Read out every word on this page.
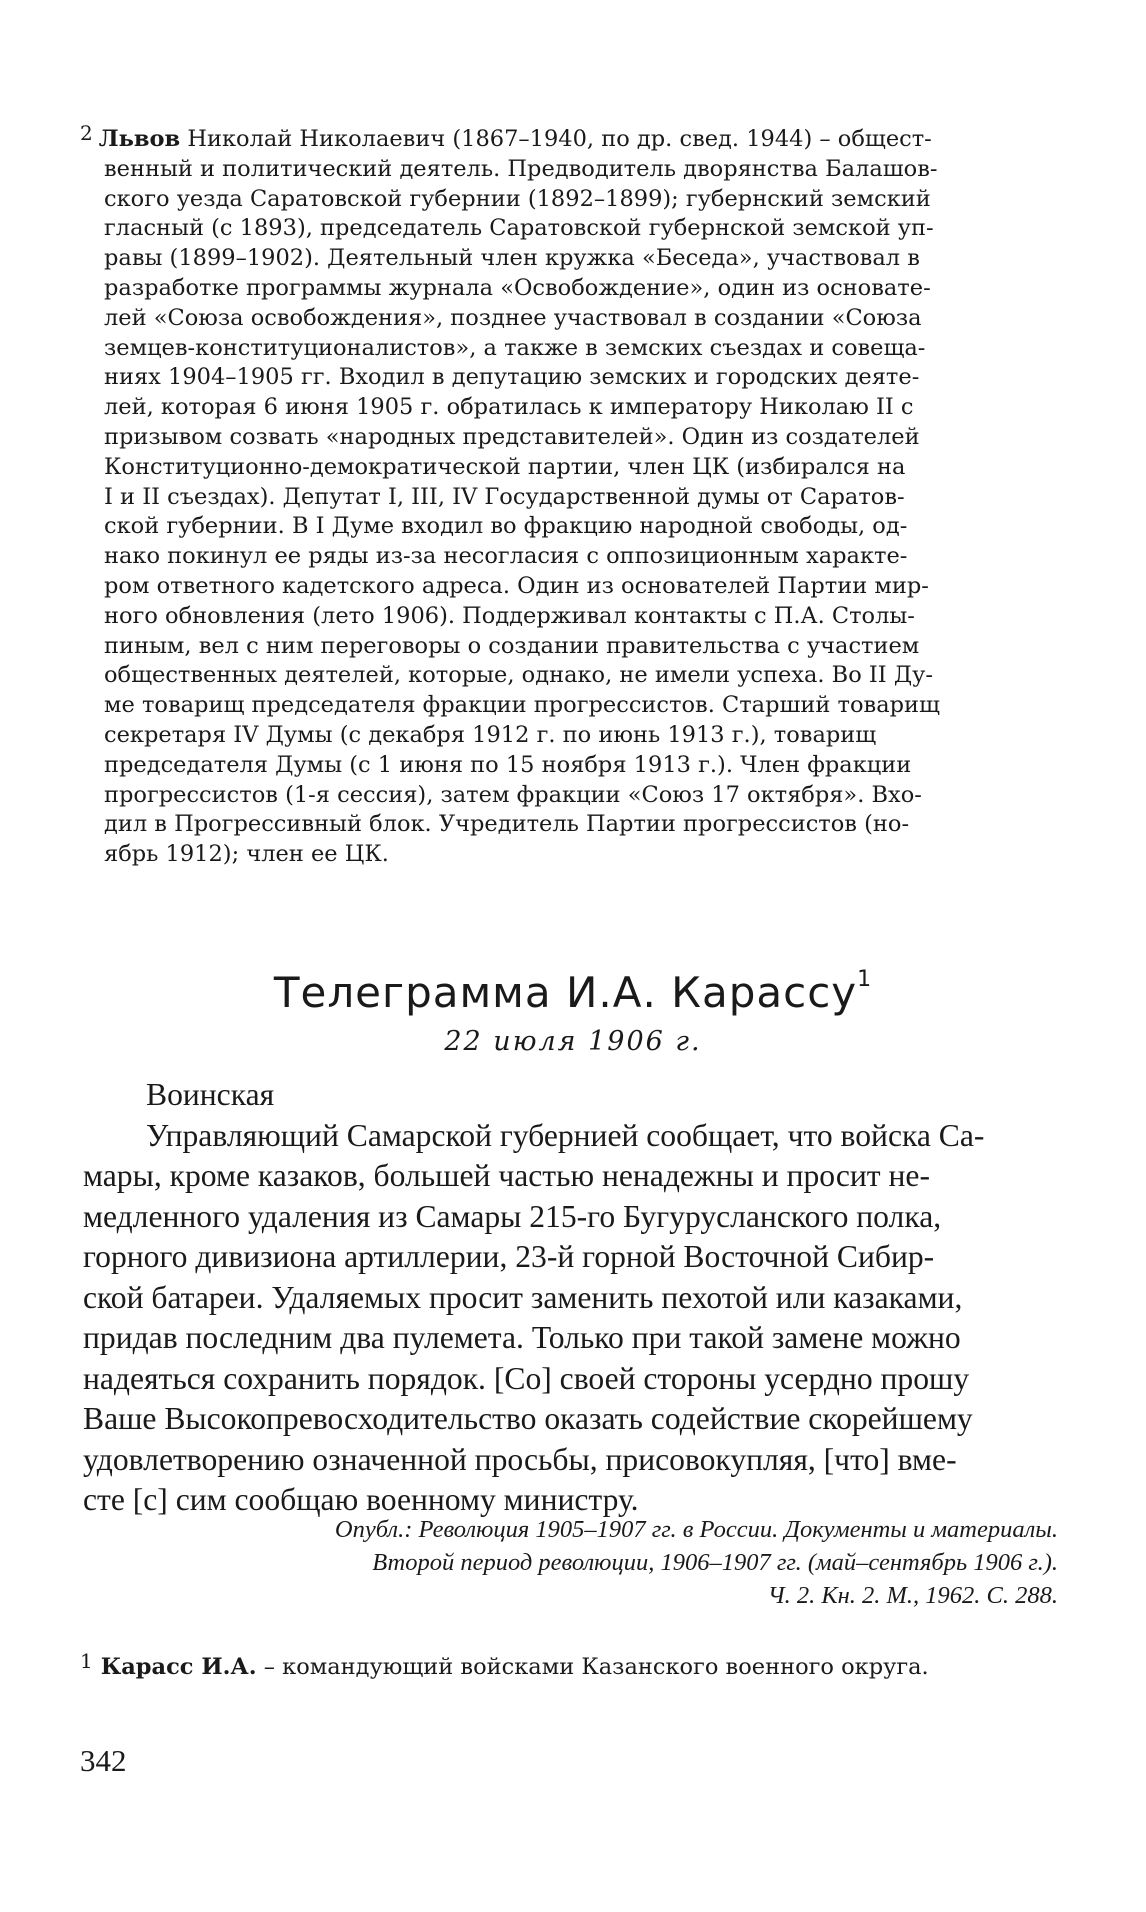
2 Львов Николай Николаевич (1867–1940, по др. свед. 1944) – общест-
венный и политический деятель. Предводитель дворянства Балашов-
ского уезда Саратовской губернии (1892–1899); губернский земский
гласный (с 1893), председатель Саратовской губернской земской уп-
равы (1899–1902). Деятельный член кружка «Беседа», участвовал в
разработке программы журнала «Освобождение», один из основате-
лей «Союза освобождения», позднее участвовал в создании «Союза
земцев-конституционалистов», а также в земских съездах и совеща-
ниях 1904–1905 гг. Входил в депутацию земских и городских деяте-
лей, которая 6 июня 1905 г. обратилась к императору Николаю II с
призывом созвать «народных представителей». Один из создателей
Конституционно-демократической партии, член ЦК (избирался на
I и II съездах). Депутат I, III, IV Государственной думы от Саратов-
ской губернии. В I Думе входил во фракцию народной свободы, од-
нако покинул ее ряды из-за несогласия с оппозиционным характе-
ром ответного кадетского адреса. Один из основателей Партии мир-
ного обновления (лето 1906). Поддерживал контакты с П.А. Столы-
пиным, вел с ним переговоры о создании правительства с участием
общественных деятелей, которые, однако, не имели успеха. Во II Ду-
ме товарищ председателя фракции прогрессистов. Старший товарищ
секретаря IV Думы (с декабря 1912 г. по июнь 1913 г.), товарищ
председателя Думы (с 1 июня по 15 ноября 1913 г.). Член фракции
прогрессистов (1-я сессия), затем фракции «Союз 17 октября». Вхо-
дил в Прогрессивный блок. Учредитель Партии прогрессистов (но-
ябрь 1912); член ее ЦК.
Телеграмма И.А. Карассу$^1$
22 июля 1906 г.
Воинская
Управляющий Самарской губернией сообщает, что войска Са-
мары, кроме казаков, большей частью ненадежны и просит не-
медленного удаления из Самары 215-го Бугурусланского полка,
горного дивизиона артиллерии, 23-й горной Восточной Сибир-
ской батареи. Удаляемых просит заменить пехотой или казаками,
придав последним два пулемета. Только при такой замене можно
надеяться сохранить порядок. [Со] своей стороны усердно прошу
Ваше Высокопревосходительство оказать содействие скорейшему
удовлетворению означенной просьбы, присовокупляя, [что] вме-
сте [с] сим сообщаю военному министру.
Опубл.: Революция 1905–1907 гг. в России. Документы и материалы.
Второй период революции, 1906–1907 гг. (май–сентябрь 1906 г.).
Ч. 2. Кн. 2. М., 1962. С. 288.
1 Карасс И.А. – командующий войсками Казанского военного округа.
342
